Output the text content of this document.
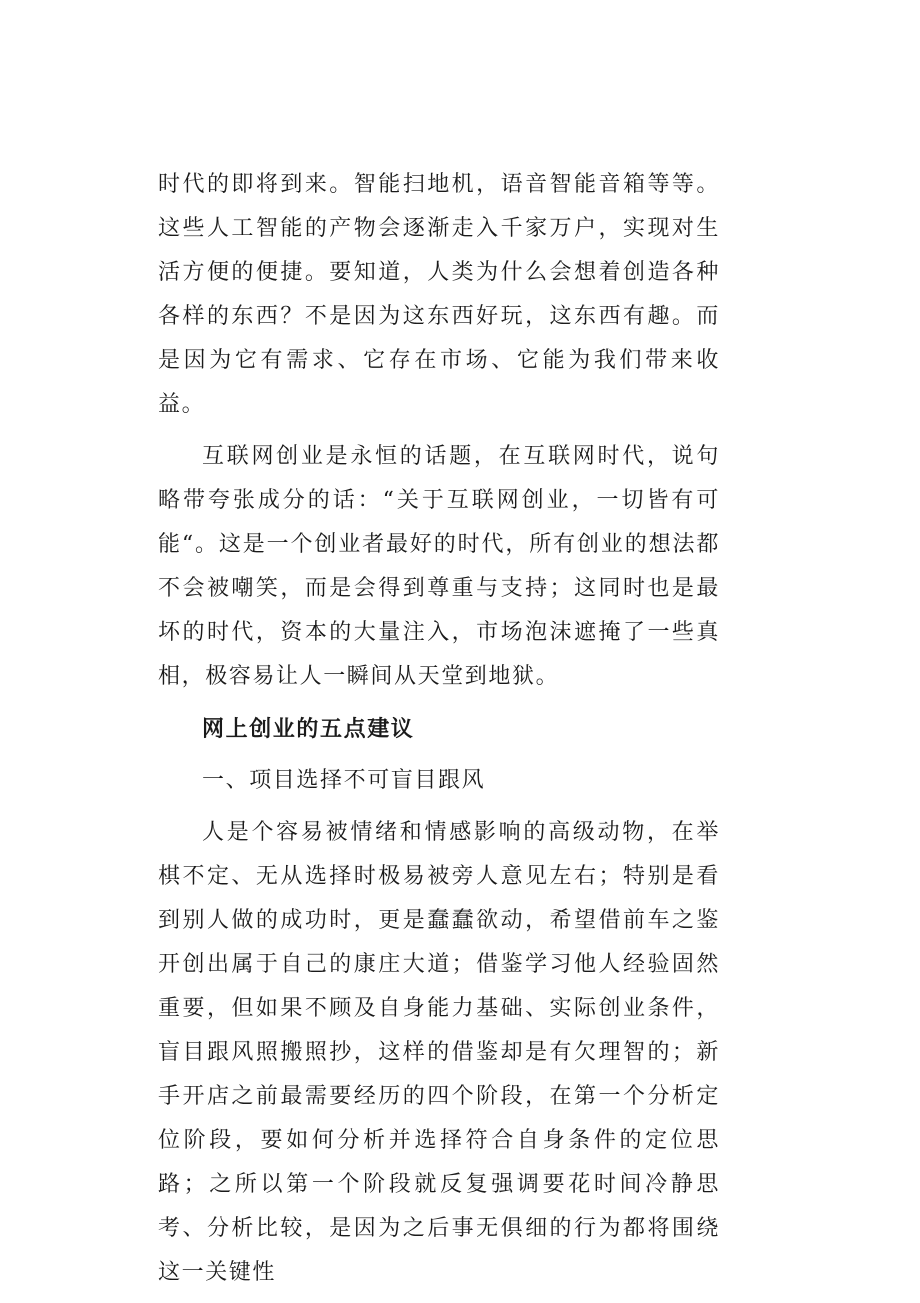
时代的即将到来。智能扫地机，语音智能音箱等等。这些人工智能的产物会逐渐走入千家万户，实现对生活方便的便捷。要知道，人类为什么会想着创造各种各样的东西？不是因为这东西好玩，这东西有趣。而是因为它有需求、它存在市场、它能为我们带来收益。

互联网创业是永恒的话题，在互联网时代，说句略带夸张成分的话：“关于互联网创业，一切皆有可能“。这是一个创业者最好的时代，所有创业的想法都不会被嘲笑，而是会得到尊重与支持；这同时也是最坏的时代，资本的大量注入，市场泡沫遮掩了一些真相，极容易让人一瞬间从天堂到地狱。

网上创业的五点建议

一、项目选择不可盲目跟风

人是个容易被情绪和情感影响的高级动物，在举棋不定、无从选择时极易被旁人意见左右；特别是看到别人做的成功时，更是蠢蠢欲动，希望借前车之鉴开创出属于自己的康庄大道；借鉴学习他人经验固然重要，但如果不顾及自身能力基础、实际创业条件，盲目跟风照搬照抄，这样的借鉴却是有欠理智的；新手开店之前最需要经历的四个阶段，在第一个分析定位阶段，要如何分析并选择符合自身条件的定位思路；之所以第一个阶段就反复强调要花时间冷静思考、分析比较，是因为之后事无俱细的行为都将围绕这一关键性
